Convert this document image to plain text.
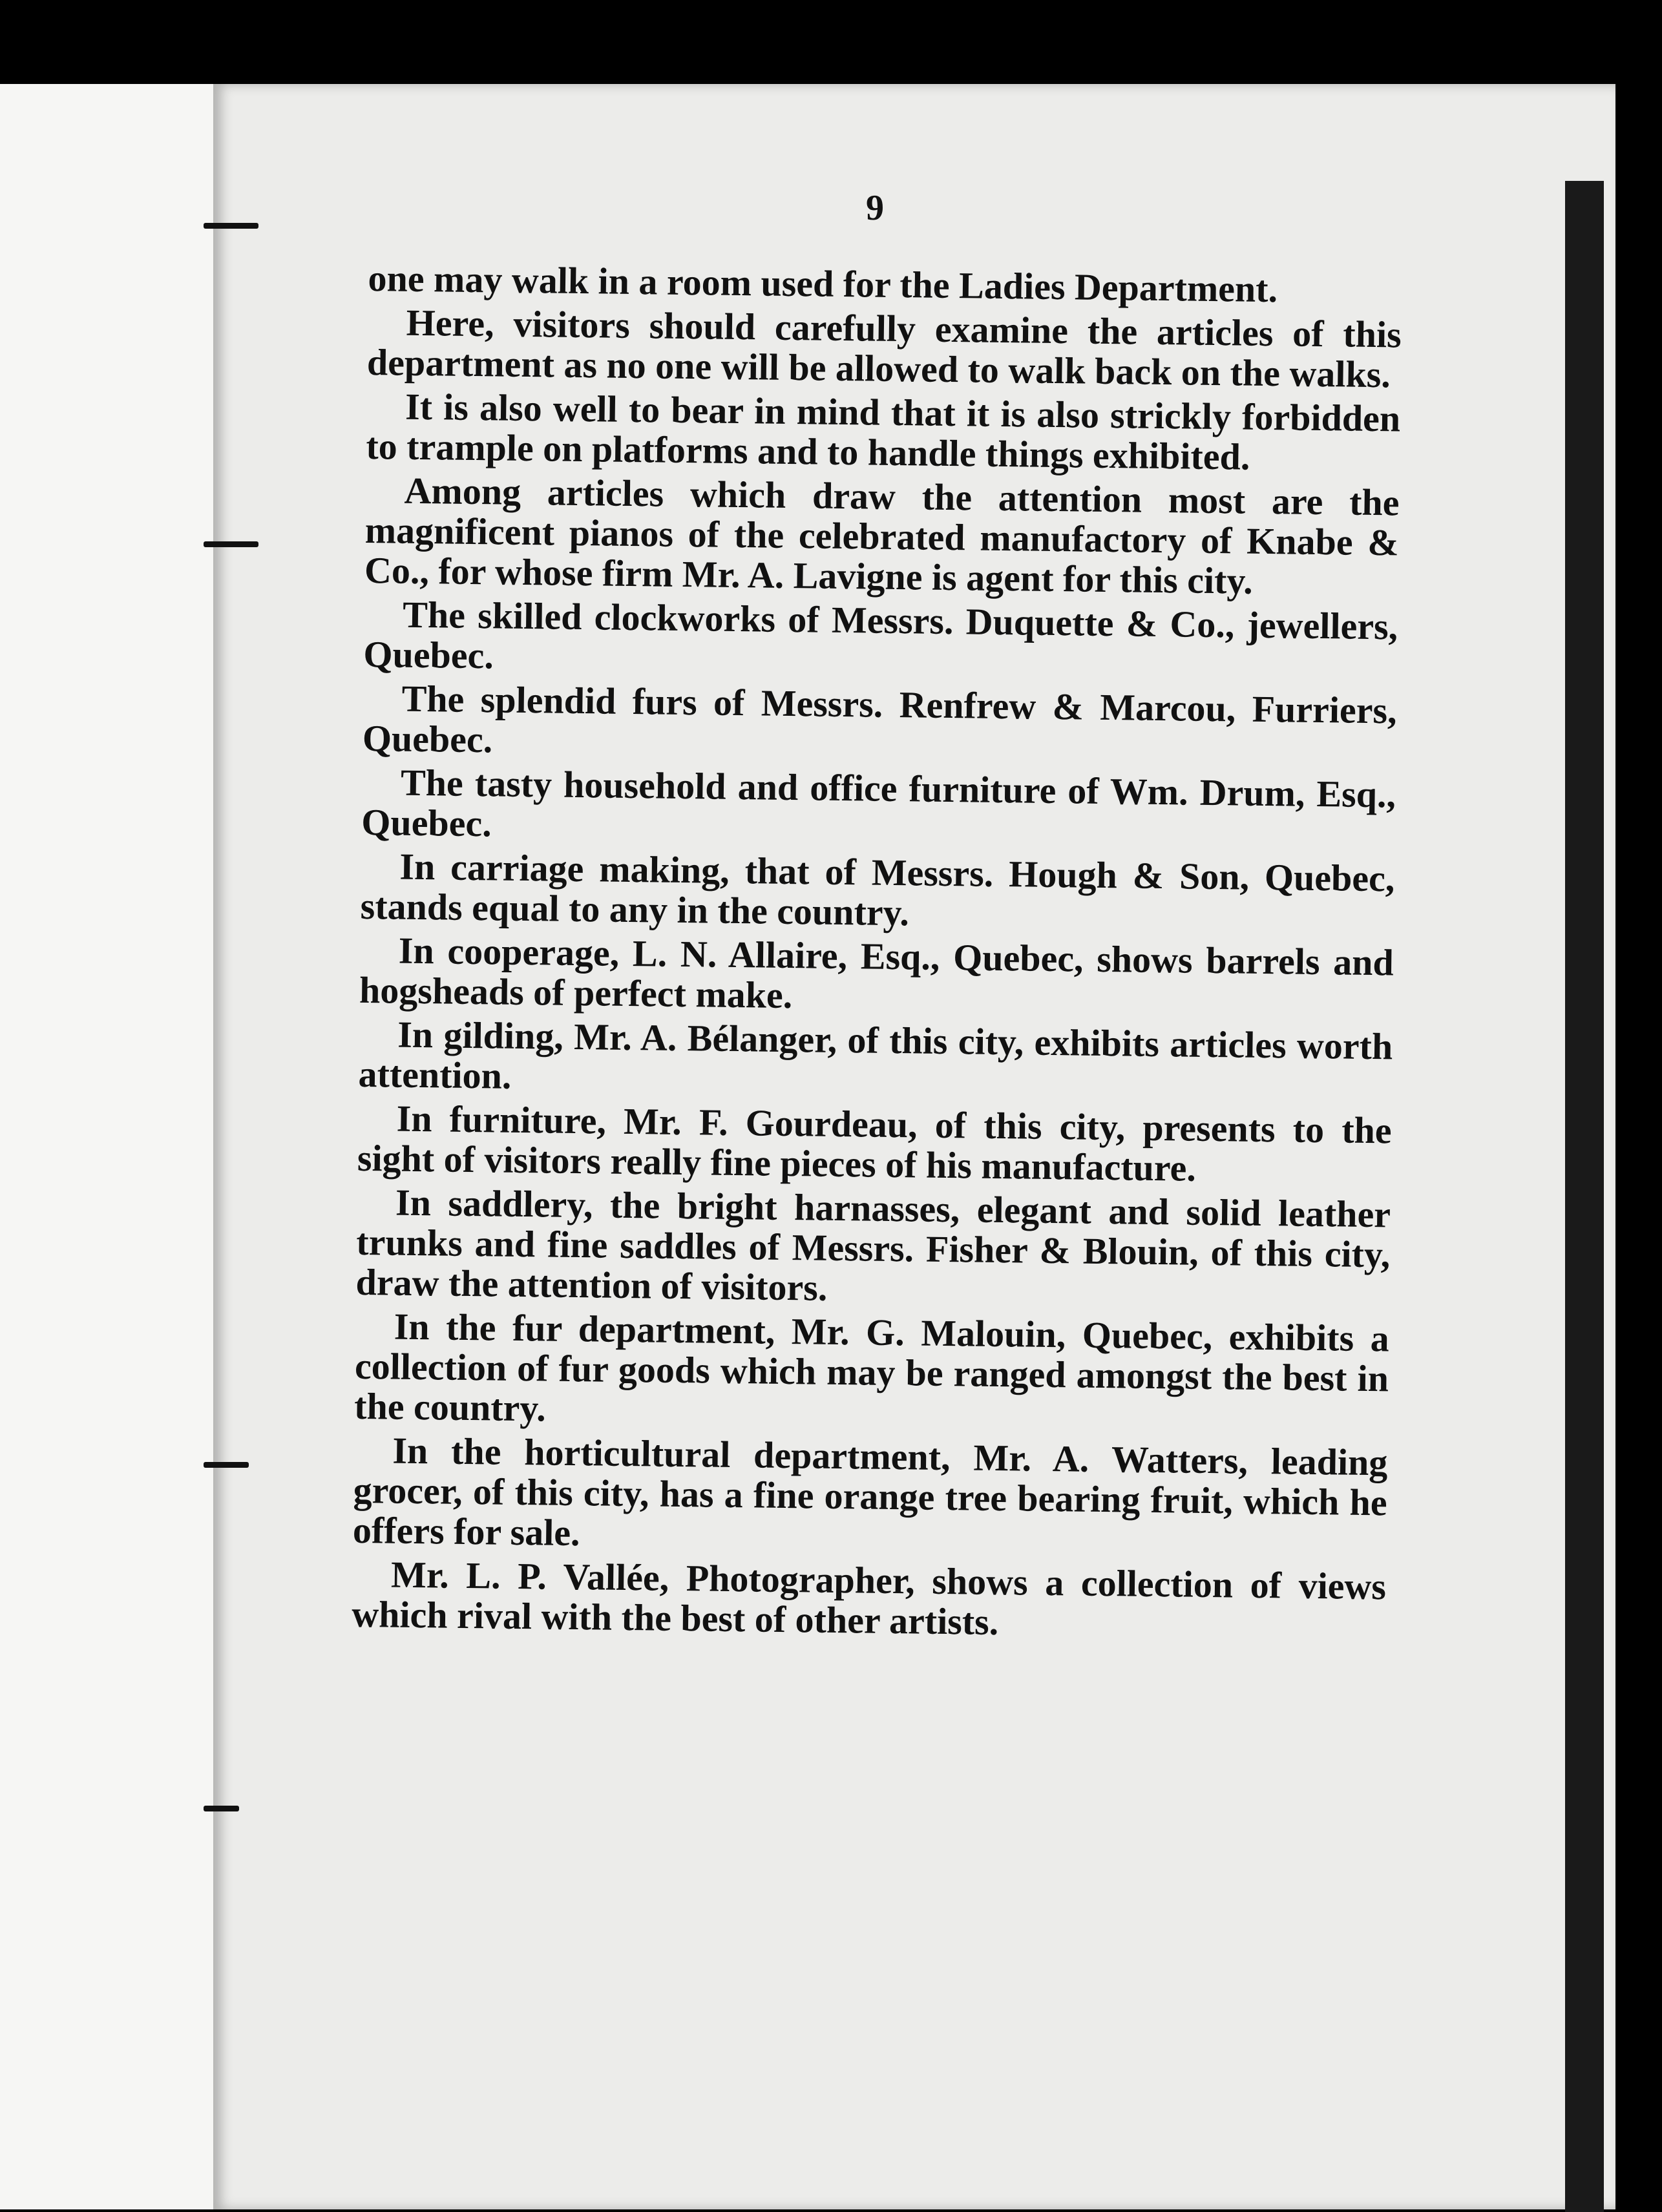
9

one may walk in a room used for the Ladies Department.

Here, visitors should carefully examine the articles of this department as no one will be allowed to walk back on the walks.

It is also well to bear in mind that it is also strickly forbidden to trample on platforms and to handle things exhibited.

Among articles which draw the attention most are the magnificent pianos of the celebrated manufactory of Knabe & Co., for whose firm Mr. A. Lavigne is agent for this city.

The skilled clockworks of Messrs. Duquette & Co., jewellers, Quebec.

The splendid furs of Messrs. Renfrew & Marcou, Furriers, Quebec.

The tasty household and office furniture of Wm. Drum, Esq., Quebec.

In carriage making, that of Messrs. Hough & Son, Quebec, stands equal to any in the country.

In cooperage, L. N. Allaire, Esq., Quebec, shows barrels and hogsheads of perfect make.

In gilding, Mr. A. Bélanger, of this city, exhibits articles worth attention.

In furniture, Mr. F. Gourdeau, of this city, presents to the sight of visitors really fine pieces of his manufacture.

In saddlery, the bright harnasses, elegant and solid leather trunks and fine saddles of Messrs. Fisher & Blouin, of this city, draw the attention of visitors.

In the fur department, Mr. G. Malouin, Quebec, exhibits a collection of fur goods which may be ranged amongst the best in the country.

In the horticultural department, Mr. A. Watters, leading grocer, of this city, has a fine orange tree bearing fruit, which he offers for sale.

Mr. L. P. Vallée, Photographer, shows a collection of views which rival with the best of other artists.
